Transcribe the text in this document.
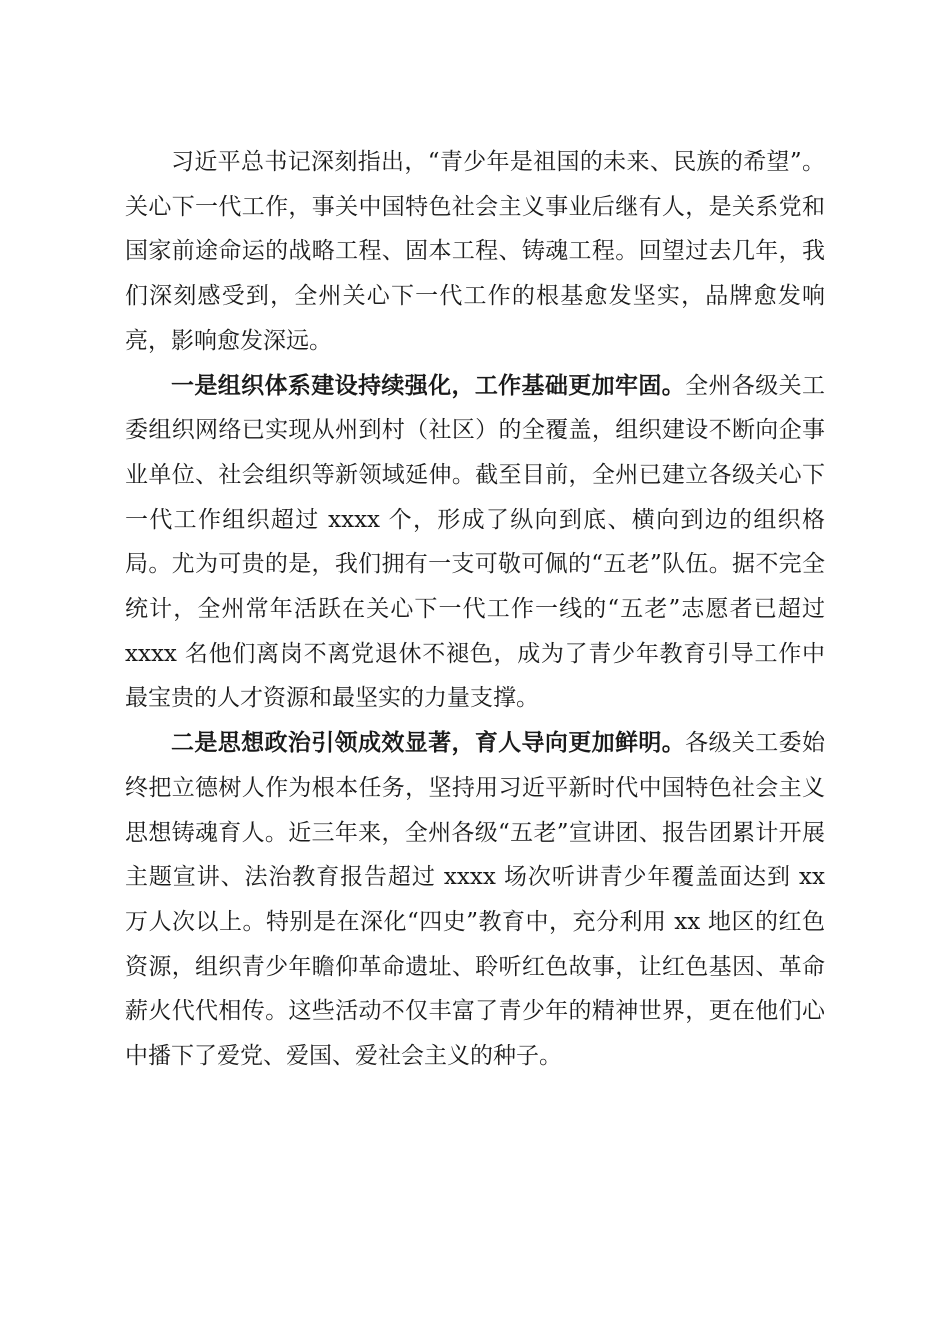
习近平总书记深刻指出，“青少年是祖国的未来、民族的希望”。关心下一代工作，事关中国特色社会主义事业后继有人，是关系党和国家前途命运的战略工程、固本工程、铸魂工程。回望过去几年，我们深刻感受到，全州关心下一代工作的根基愈发坚实，品牌愈发响亮，影响愈发深远。

一是组织体系建设持续强化，工作基础更加牢固。全州各级关工委组织网络已实现从州到村（社区）的全覆盖，组织建设不断向企事业单位、社会组织等新领域延伸。截至目前，全州已建立各级关心下一代工作组织超过 xxxx 个，形成了纵向到底、横向到边的组织格局。尤为可贵的是，我们拥有一支可敬可佩的“五老”队伍。据不完全统计，全州常年活跃在关心下一代工作一线的“五老”志愿者已超过 xxxx 名他们离岗不离党退休不褪色，成为了青少年教育引导工作中最宝贵的人才资源和最坚实的力量支撑。

二是思想政治引领成效显著，育人导向更加鲜明。各级关工委始终把立德树人作为根本任务，坚持用习近平新时代中国特色社会主义思想铸魂育人。近三年来，全州各级“五老”宣讲团、报告团累计开展主题宣讲、法治教育报告超过 xxxx 场次听讲青少年覆盖面达到 xx 万人次以上。特别是在深化“四史”教育中，充分利用 xx 地区的红色资源，组织青少年瞻仰革命遗址、聆听红色故事，让红色基因、革命薪火代代相传。这些活动不仅丰富了青少年的精神世界，更在他们心中播下了爱党、爱国、爱社会主义的种子。
